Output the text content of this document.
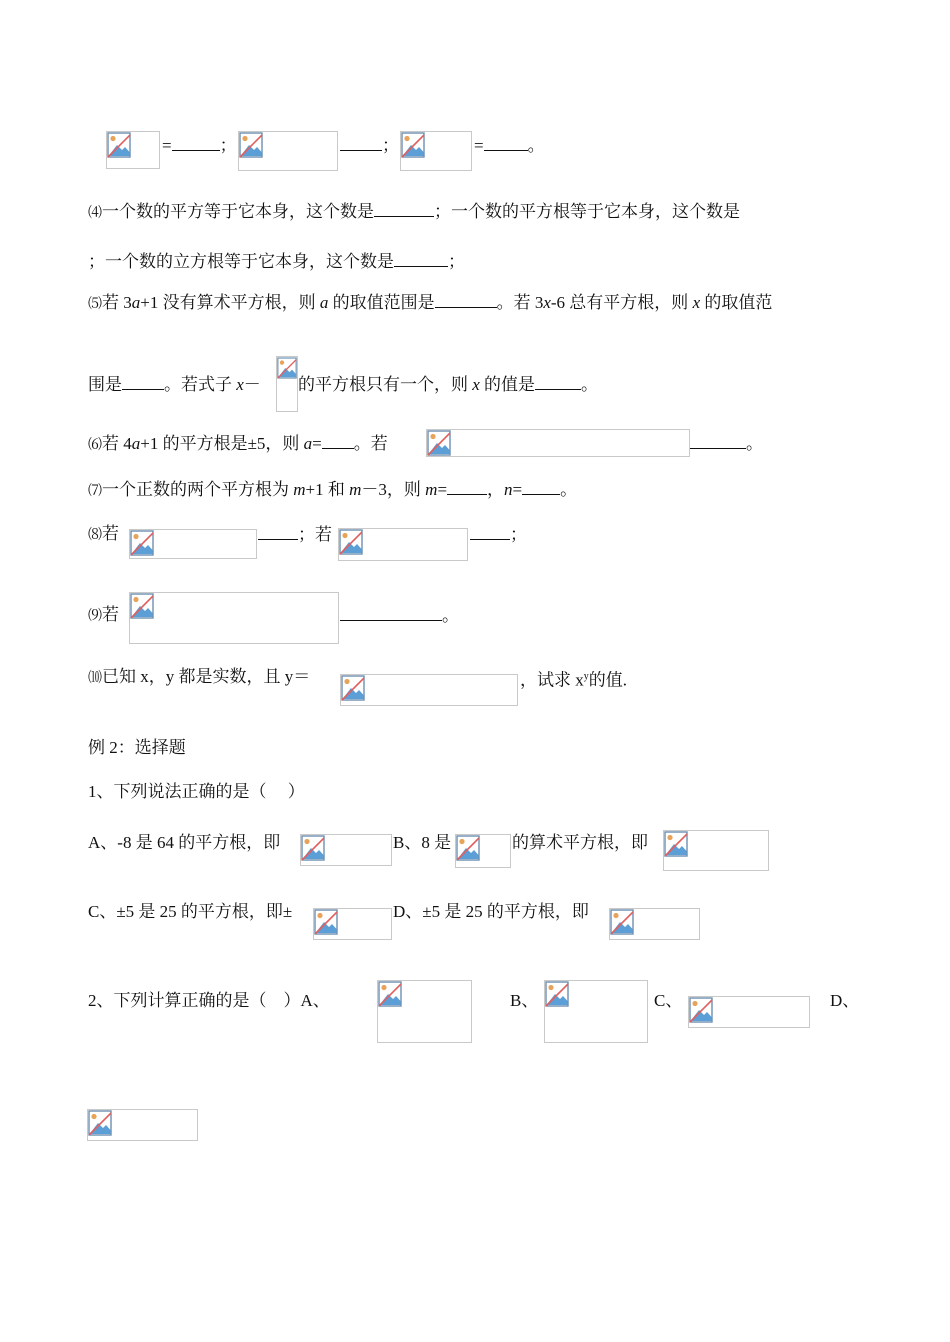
=	；	；	=	。
⑷一个数的平方等于它本身，这个数是	；一个数的平方根等于它本身，这个数是
；一个数的立方根等于它本身，这个数是	；
⑸若 3a+1 没有算术平方根，则 a 的取值范围是	。若 3x-6 总有平方根，则 x 的取值范
围是 。若式子 x－ 的平方根只有一个，则 x 的值是	。
⑹若 4a+1 的平方根是±5，则 a= 。若	。
⑺一个正数的两个平方根为 m+1 和 m－3，则 m= ，n= 。
⑻若	；若	；
⑼若	。
⑽已知 x，y 都是实数，且 y＝	，试求 $x^y$的值.
例 2：选择题
1、下列说法正确的是（　 ）
A、-8 是 64 的平方根，即	B、8 是	的算术平方根，即
C、±5 是 25 的平方根，即±	D、±5 是 25 的平方根，即
2、下列计算正确的是（　）A、	B、	C、	D、
